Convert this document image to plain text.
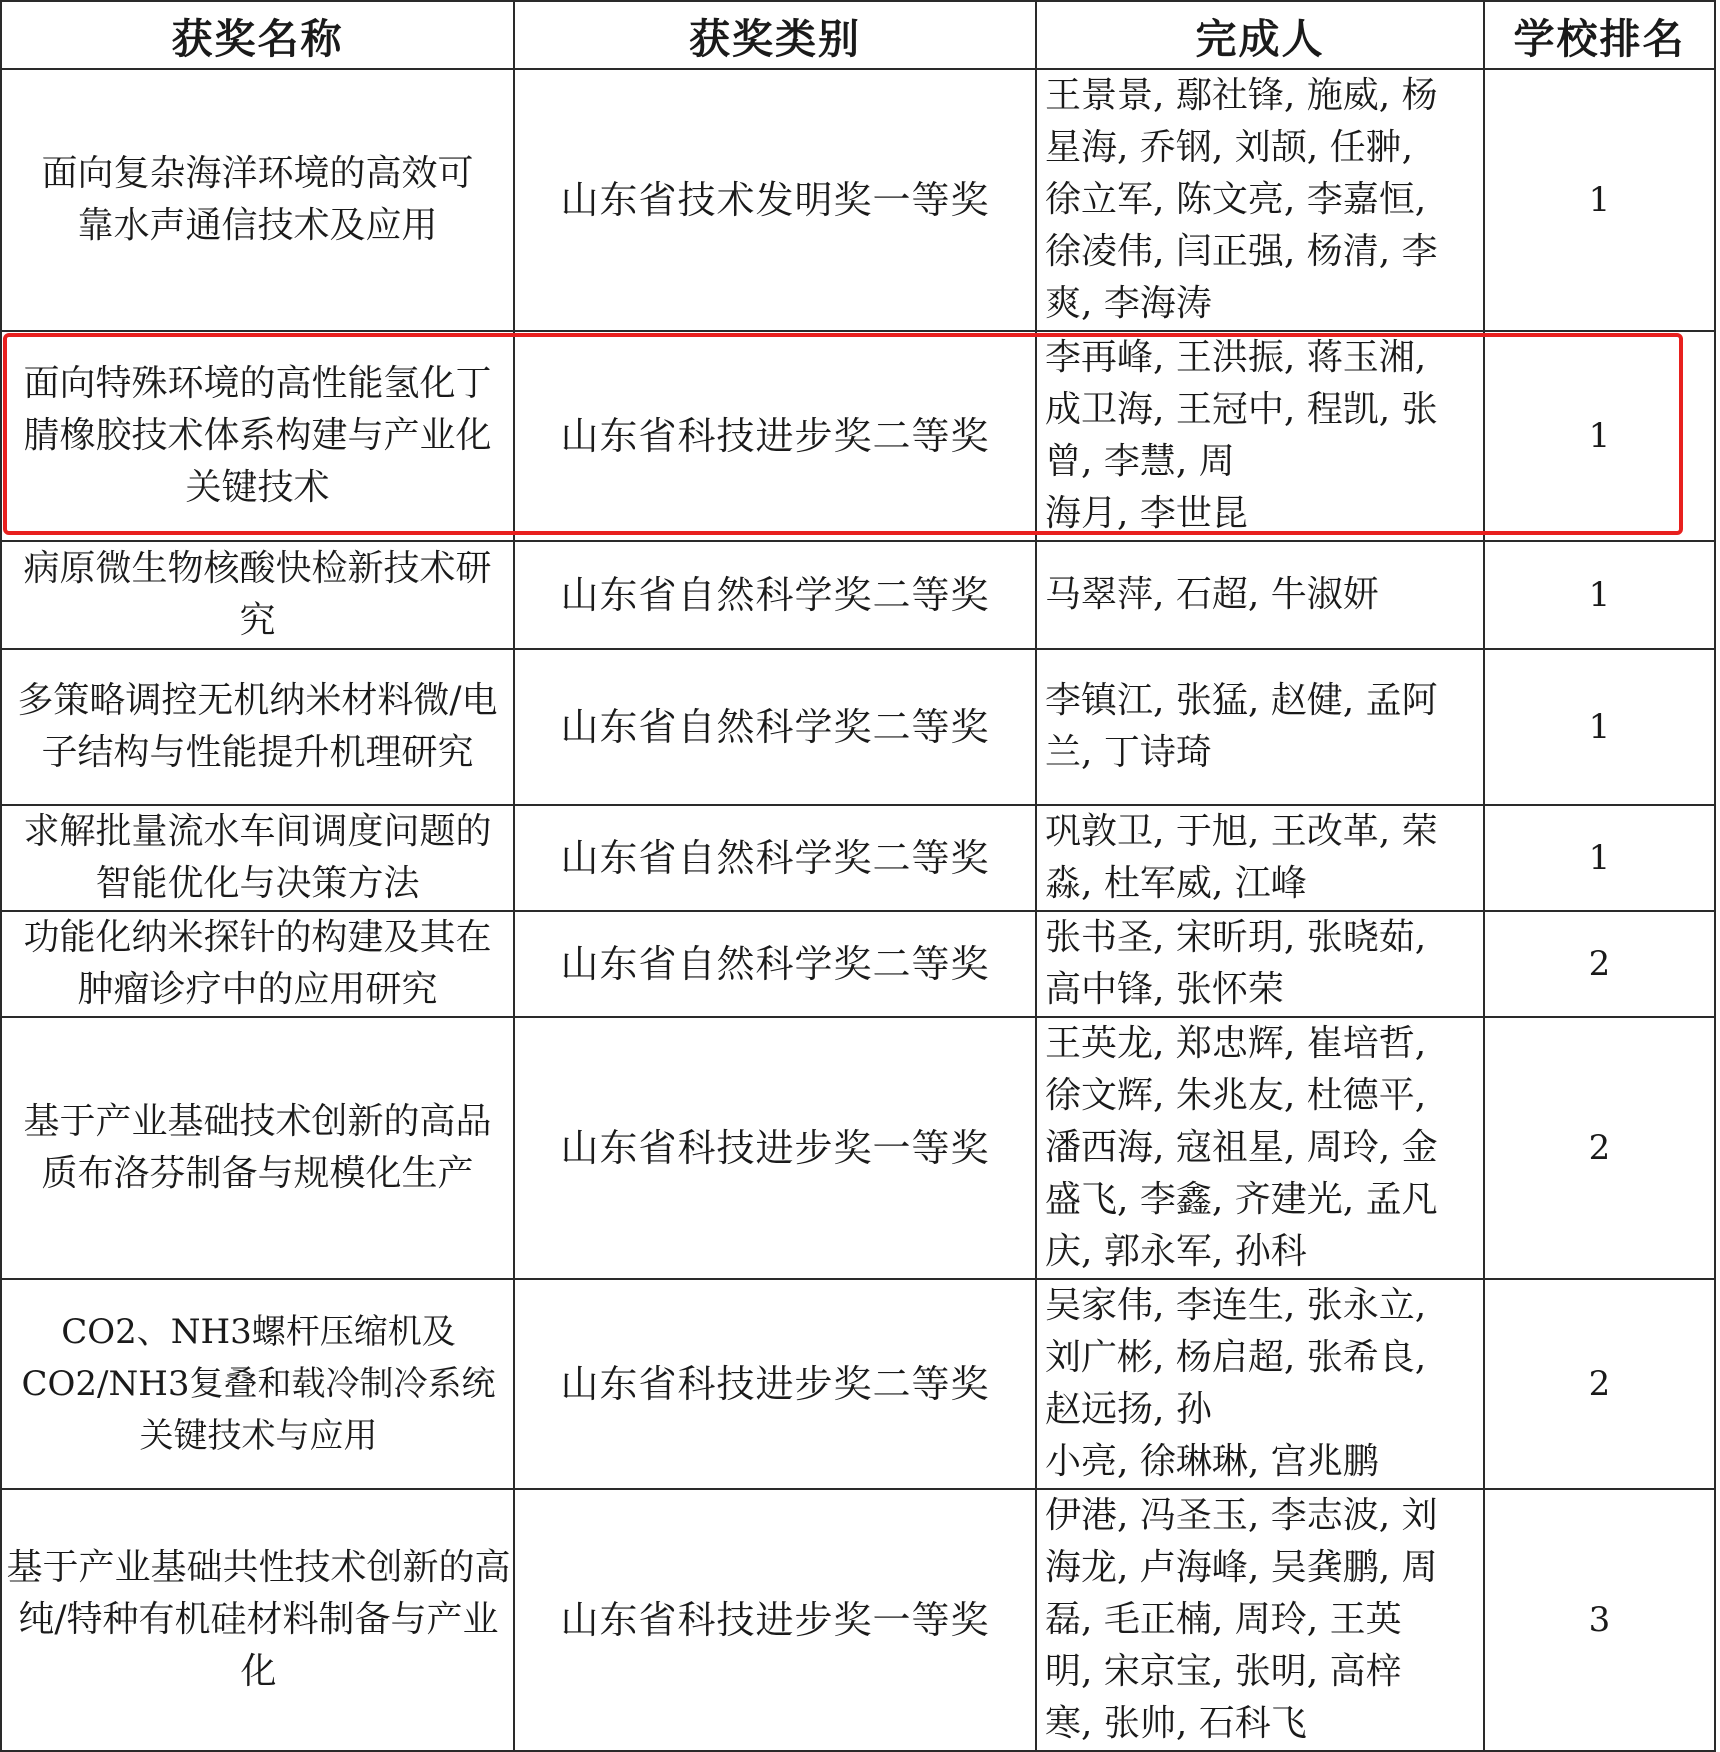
获奖名称	获奖类别	完成人	学校排名

面向复杂海洋环境的高效可靠水声通信技术及应用	山东省技术发明奖一等奖	王景景, 鄢社锋, 施威, 杨
星海, 乔钢, 刘颉, 任翀,
徐立军, 陈文亮, 李嘉恒,
徐凌伟, 闫正强, 杨清, 李
爽, 李海涛	1

面向特殊环境的高性能氢化丁腈橡胶技术体系构建与产业化关键技术	山东省科技进步奖二等奖	李再峰, 王洪振, 蒋玉湘,
成卫海, 王冠中, 程凯, 张
曾, 李慧, 周
海月, 李世昆	1

病原微生物核酸快检新技术研究	山东省自然科学奖二等奖	马翠萍, 石超, 牛淑妍	1

多策略调控无机纳米材料微/电子结构与性能提升机理研究	山东省自然科学奖二等奖	李镇江, 张猛, 赵健, 孟阿
兰, 丁诗琦	1

求解批量流水车间调度问题的智能优化与决策方法	山东省自然科学奖二等奖	巩敦卫, 于旭, 王改革, 荣
淼, 杜军威, 江峰	1

功能化纳米探针的构建及其在肿瘤诊疗中的应用研究	山东省自然科学奖二等奖	张书圣, 宋昕玥, 张晓茹,
高中锋, 张怀荣	2

基于产业基础技术创新的高品质布洛芬制备与规模化生产	山东省科技进步奖一等奖	王英龙, 郑忠辉, 崔培哲,
徐文辉, 朱兆友, 杜德平,
潘西海, 寇祖星, 周玲, 金
盛飞, 李鑫, 齐建光, 孟凡
庆, 郭永军, 孙科	2

CO2、NH3螺杆压缩机及CO2/NH3复叠和载冷制冷系统关键技术与应用	山东省科技进步奖二等奖	吴家伟, 李连生, 张永立,
刘广彬, 杨启超, 张希良,
赵远扬, 孙
小亮, 徐琳琳, 宫兆鹏	2

基于产业基础共性技术创新的高纯/特种有机硅材料制备与产业化	山东省科技进步奖一等奖	伊港, 冯圣玉, 李志波, 刘
海龙, 卢海峰, 吴龚鹏, 周
磊, 毛正楠, 周玲, 王英
明, 宋京宝, 张明, 高梓
寒, 张帅, 石科飞	3
